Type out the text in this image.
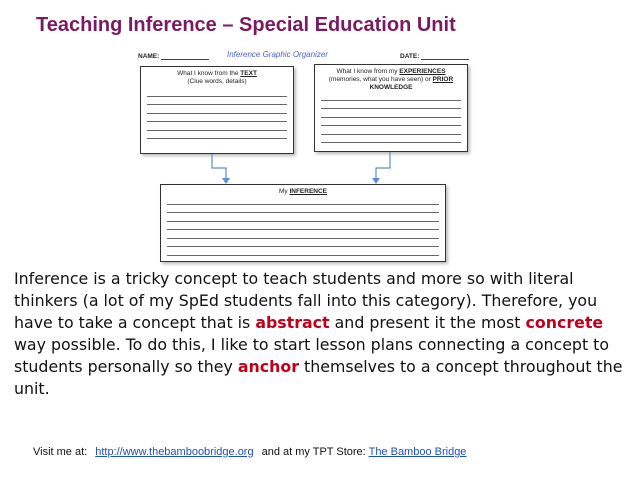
Teaching Inference – Special Education Unit
NAME:	Inference Graphic Organizer	DATE:
What I know from the TEXT
(Clue words, details)
What I know from my EXPERIENCES
(memories, what you have seen) or PRIOR
KNOWLEDGE
My INFERENCE
Inference is a tricky concept to teach students and more so with literal thinkers (a lot of my SpEd students fall into this category). Therefore, you have to take a concept that is abstract and present it the most concrete way possible. To do this, I like to start lesson plans connecting a concept to students personally so they anchor themselves to a concept throughout the unit.
Visit me at: http://www.thebamboobridge.org and at my TPT Store: The Bamboo Bridge
